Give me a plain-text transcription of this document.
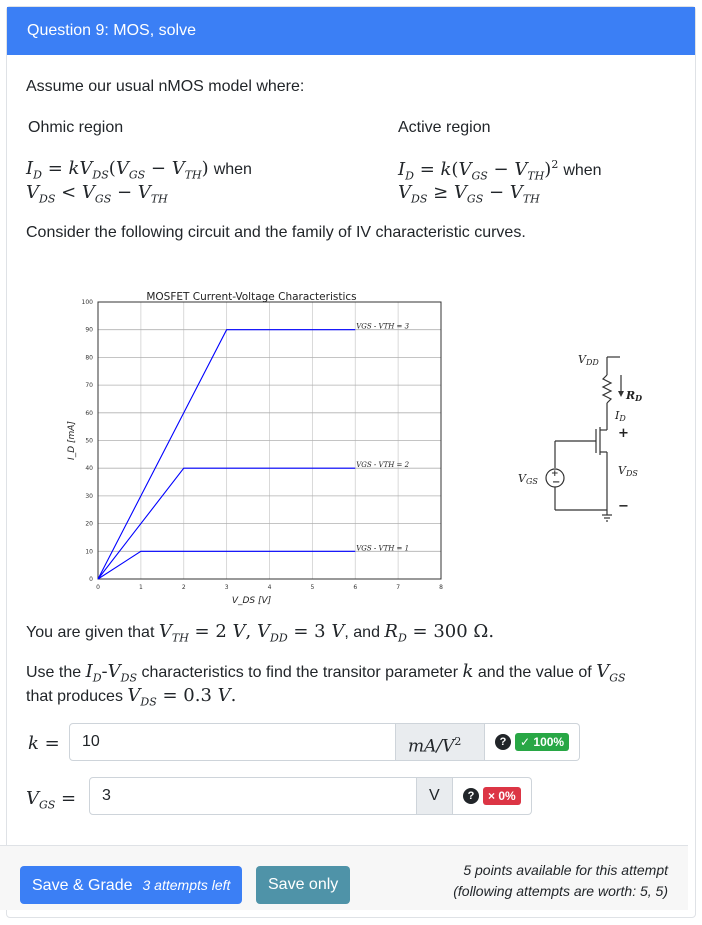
Question 9: MOS, solve
Assume our usual nMOS model where:
Ohmic region	Active region
$I_D = kV_{DS}(V_{GS} - V_{TH})$ when
$V_{DS} < V_{GS} - V_{TH}$
$I_D = k(V_{GS} - V_{TH})^2$ when
$V_{DS} \ge V_{GS} - V_{TH}$
Consider the following circuit and the family of IV characteristic curves.
0	1	2	3	4	5	6	7	8
0
10
20
30
40
50
60
70
80
90
100	MOSFET Current-Voltage Characteristics
V_DS [V]
I_D [mA]
VGS - VTH = 3
VGS - VTH = 2
VGS - VTH = 1
+
−
VDD
RD
ID
+
VDS
−
VGS
You are given that $V_{TH} = 2$ V, $V_{DD} = 3$ V, and $R_D = 300$ Ω.
Use the $I_D-V_{DS}$ characteristics to find the transitor parameter k and the value of $V_{GS}$
that produces $V_{DS} = 0.3$ V.
k =	10	$mA/V^2$	?	✓ 100%
$V_{GS}$ =	3	V	?	× 0%
Save & Grade 3 attempts left	Save only
5 points available for this attempt
(following attempts are worth: 5, 5)
